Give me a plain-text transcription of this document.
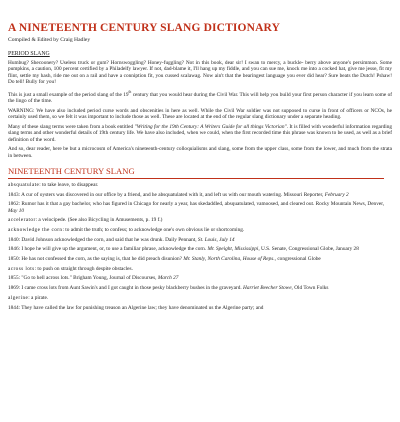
A NINETEENTH CENTURY SLANG DICTIONARY
Compiled & Edited by Craig Hadley
PERIOD SLANG

Humbug? Shecoonery? Useless truck or gum? Hornswoggling? Honey-fuggling? Not in this book, dear sir! I swan to mercy, a buckle- berry above anyone's persimmon. Some pumpkins, a caution, 100 percent certified by a Philadelfy lawyer. If not, dad-blame it, I'll hang up my fiddle, and you can sue me, knock me into a cocked hat, give me jesse, fit my flint, settle my hash, ride me out on a rail and have a conniption fit, you cussed scalawag. Now ain't that the bearingest language you ever did hear? Sure beats the Dutch! Pshaw! Do tell! Bully for you!

This is just a small example of the period slang of the 19th century that you would hear during the Civil War. This will help you build your first person character if you learn some of the lingo of the time.

WARNING: We have also included period curse words and obscenities in here as well. While the Civil War soldier was not supposed to curse in front of officers or NCOs, he certainly used them, so we felt it was important to include those as well. These are located at the end of the regular slang dictionary under a separate heading.

Many of these slang terms were taken from a book entitled "Writing for the 19th Century: A Writers Guide for all things Victorian". It is filled with wonderful information regarding slang terms and other wonderful details of 19th century life. We have also included, when we could, when the first recorded time this phrase was known to be used, as well as a brief definition of the word.

And so, dear reader, here be but a microcosm of America's nineteenth-century colloquialisms and slang, some from the upper class, some from the lower, and much from the strata in between.

NINETEENTH CENTURY SLANG

absquatulate: to take leave, to disappear.

1843: A cur of oysters was discovered in our office by a friend, and he absquatulated with it, and left us with our mouth watering. Missouri Reporter, February 2

1862: Rumor has it that a gay bachelor, who has figured in Chicago for nearly a year, has skedaddled, absquatulated, vamoosed, and cleared out. Rocky Mountain News, Denver, May 10

accelerator: a velocipede. (See also Bicycling in Amusements, p. 19 f.)

acknowledge the corn: to admit the truth; to confess; to acknowledge one's own obvious lie or shortcoming.

1840: David Johnson acknowledged the corn, and said that he was drunk. Daily Pennant, St. Louis, July 14

1846: I hope he will give up the argument, or, to use a familiar phrase, acknowledge the corn. Mr. Speight, Mississippi, U.S. Senate, Congressional Globe, January 28

1850: He has not confessed the corn, as the saying is, that he did preach disunion? Mr. Stanly, North Carolina, House of Reps., congressional Globe

across lots: to push on straight through despite obstacles.

1855: "Go to hell across lots." Brigham Young, Journal of Discourses, March 27

1869: I came cross lots from Aunt Sawin's and I got caught in those pesky blackberry bushes in the graveyard. Harriet Beecher Stowe, Old Town Folks

algerine: a pirate.

1844: They have called the law for punishing treason an Algerine law; they have denominated us the Algerine party; and
